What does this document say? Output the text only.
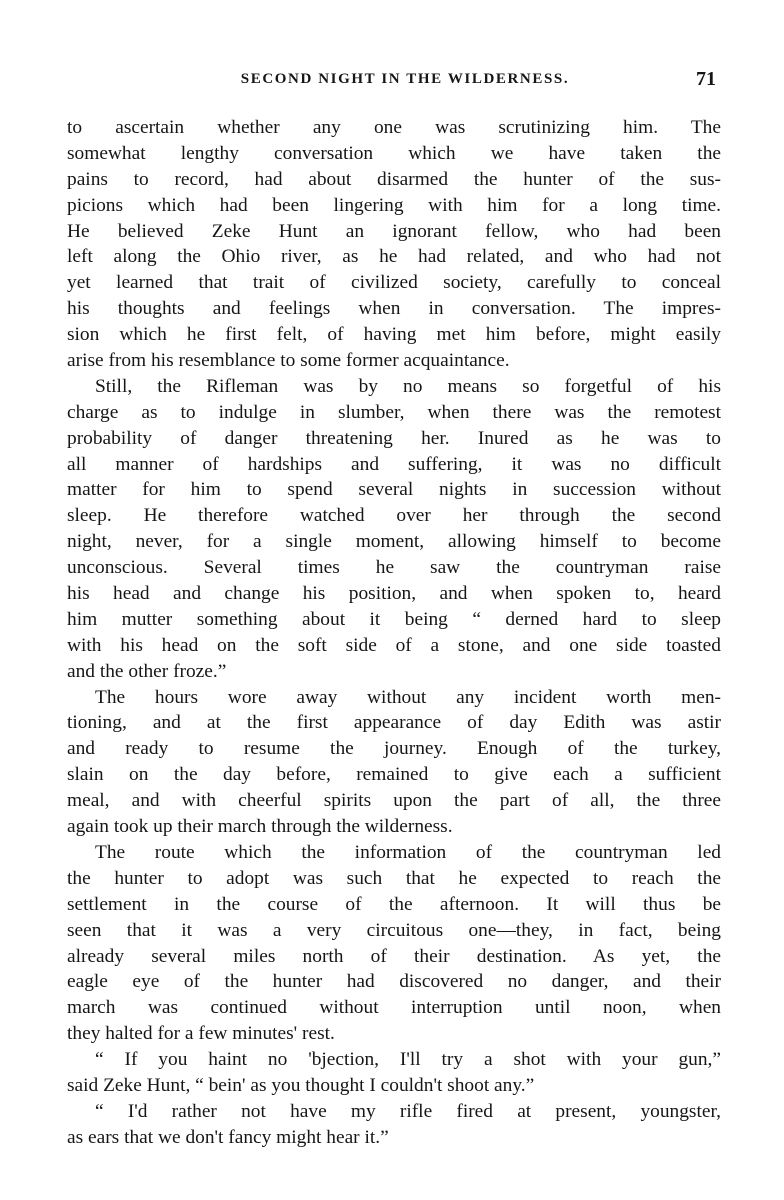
SECOND NIGHT IN THE WILDERNESS.	71
to ascertain whether any one was scrutinizing him. The
somewhat lengthy conversation which we have taken the
pains to record, had about disarmed the hunter of the sus-
picions which had been lingering with him for a long time.
He believed Zeke Hunt an ignorant fellow, who had been
left along the Ohio river, as he had related, and who had not
yet learned that trait of civilized society, carefully to conceal
his thoughts and feelings when in conversation. The impres-
sion which he first felt, of having met him before, might easily
arise from his resemblance to some former acquaintance.
Still, the Rifleman was by no means so forgetful of his
charge as to indulge in slumber, when there was the remotest
probability of danger threatening her. Inured as he was to
all manner of hardships and suffering, it was no difficult
matter for him to spend several nights in succession without
sleep. He therefore watched over her through the second
night, never, for a single moment, allowing himself to become
unconscious. Several times he saw the countryman raise
his head and change his position, and when spoken to, heard
him mutter something about it being “ derned hard to sleep
with his head on the soft side of a stone, and one side toasted
and the other froze.”
The hours wore away without any incident worth men-
tioning, and at the first appearance of day Edith was astir
and ready to resume the journey. Enough of the turkey,
slain on the day before, remained to give each a sufficient
meal, and with cheerful spirits upon the part of all, the three
again took up their march through the wilderness.
The route which the information of the countryman led
the hunter to adopt was such that he expected to reach the
settlement in the course of the afternoon. It will thus be
seen that it was a very circuitous one—they, in fact, being
already several miles north of their destination. As yet, the
eagle eye of the hunter had discovered no danger, and their
march was continued without interruption until noon, when
they halted for a few minutes' rest.
“ If you haint no 'bjection, I'll try a shot with your gun,”
said Zeke Hunt, “ bein' as you thought I couldn't shoot any.”
“ I'd rather not have my rifle fired at present, youngster,
as ears that we don't fancy might hear it.”
